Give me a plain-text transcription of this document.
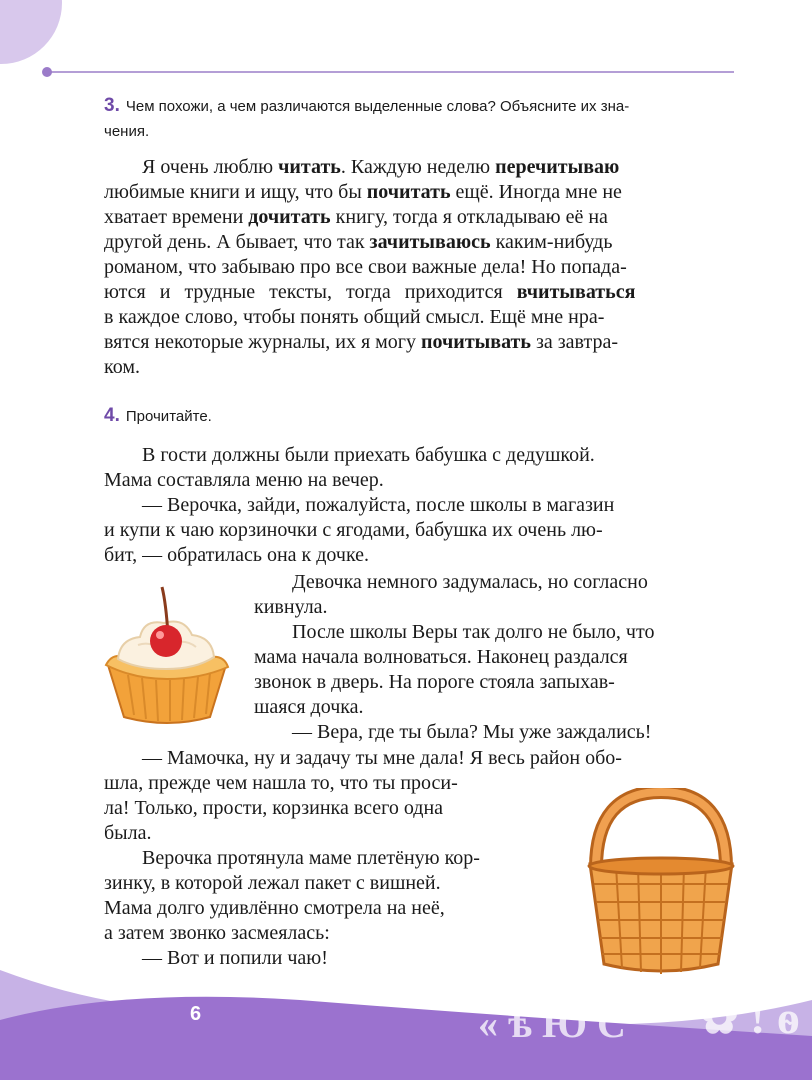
3. Чем похожи, а чем различаются выделенные слова? Объясните их зна-
чения.
Я очень люблю читать. Каждую неделю перечитываю
любимые книги и ищу, что бы почитать ещё. Иногда мне не
хватает времени дочитать книгу, тогда я откладываю её на
другой день. А бывает, что так зачитываюсь каким-нибудь
романом, что забываю про все свои важные дела! Но попада-
ются и трудные тексты, тогда приходится вчитываться
в каждое слово, чтобы понять общий смысл. Ещё мне нра-
вятся некоторые журналы, их я могу почитывать за завтра-
ком.
4. Прочитайте.
В гости должны были приехать бабушка с дедушкой.
Мама составляла меню на вечер.
— Верочка, зайди, пожалуйста, после школы в магазин
и купи к чаю корзиночки с ягодами, бабушка их очень лю-
бит, — обратилась она к дочке.
Девочка немного задумалась, но согласно
кивнула.
После школы Веры так долго не было, что
мама начала волноваться. Наконец раздался
звонок в дверь. На пороге стояла запыхав-
шаяся дочка.
— Вера, где ты была? Мы уже заждались!
— Мамочка, ну и задачу ты мне дала! Я весь район обо-
шла, прежде чем нашла то, что ты проси-
ла! Только, прости, корзинка всего одна
была.
Верочка протянула маме плетёную кор-
зинку, в которой лежал пакет с вишней.
Мама долго удивлённо смотрела на неё,
а затем звонко засмеялась:
— Вот и попили чаю!
« ѣ Ю С ✿ ! ѳ
6
